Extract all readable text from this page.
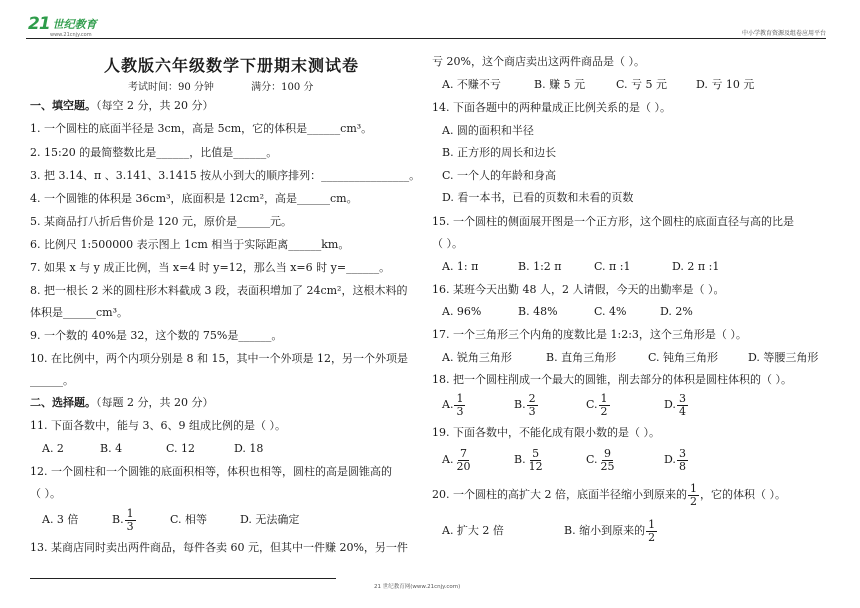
21 世纪教育
www.21cnjy.com	中小学教育资源及组卷应用平台
人教版六年级数学下册期末测试卷
考试时间：90 分钟	满分：100 分
一、填空题。（每空 2 分，共 20 分）
1. 一个圆柱的底面半径是 3cm，高是 5cm，它的体积是______cm³。
2. 15:20 的最简整数比是______，比值是______。
3. 把 3.14、π 、3.141、3.1415 按从小到大的顺序排列：________________。
4. 一个圆锥的体积是 36cm³，底面积是 12cm²，高是______cm。
5. 某商品打八折后售价是 120 元，原价是______元。
6. 比例尺 1:500000 表示图上 1cm 相当于实际距离______km。
7. 如果 x 与 y 成正比例，当 x=4 时 y=12，那么当 x=6 时 y=______。
8. 把一根长 2 米的圆柱形木料截成 3 段，表面积增加了 24cm²，这根木料的
体积是______cm³。
9. 一个数的 40%是 32，这个数的 75%是______。
10. 在比例中，两个内项分别是 8 和 15，其中一个外项是 12，另一个外项是
______。
二、选择题。（每题 2 分，共 20 分）
11. 下面各数中，能与 3、6、9 组成比例的是（ ）。
A. 2	B. 4	C. 12	D. 18
12. 一个圆柱和一个圆锥的底面积相等，体积也相等，圆柱的高是圆锥高的
（ ）。
A. 3 倍	B. $\frac{1}{3}$	C. 相等	D. 无法确定
13. 某商店同时卖出两件商品，每件各卖 60 元，但其中一件赚 20%，另一件
21 世纪教育网(www.21cnjy.com)
亏 20%，这个商店卖出这两件商品是（ ）。
A. 不赚不亏	B. 赚 5 元	C. 亏 5 元	D. 亏 10 元
14. 下面各题中的两种量成正比例关系的是（ ）。
A. 圆的面积和半径
B. 正方形的周长和边长
C. 一个人的年龄和身高
D. 看一本书，已看的页数和未看的页数
15. 一个圆柱的侧面展开图是一个正方形，这个圆柱的底面直径与高的比是
（ ）。
A. 1: π	B. 1:2 π	C. π :1	D. 2 π :1
16. 某班今天出勤 48 人，2 人请假，今天的出勤率是（ ）。
A. 96%	B. 48%	C. 4%	D. 2%
17. 一个三角形三个内角的度数比是 1:2:3，这个三角形是（ ）。
A. 锐角三角形	B. 直角三角形	C. 钝角三角形	D. 等腰三角形
18. 把一个圆柱削成一个最大的圆锥，削去部分的体积是圆柱体积的（ ）。
A. $\frac{1}{3}$	B. $\frac{2}{3}$	C. $\frac{1}{2}$	D. $\frac{3}{4}$
19. 下面各数中，不能化成有限小数的是（ ）。
A. $\frac{7}{20}$	B. $\frac{5}{12}$	C. $\frac{9}{25}$	D. $\frac{3}{8}$
20. 一个圆柱的高扩大 2 倍，底面半径缩小到原来的 $\frac{1}{2}$ ，它的体积（ ）。
A. 扩大 2 倍	B. 缩小到原来的 $\frac{1}{2}$
